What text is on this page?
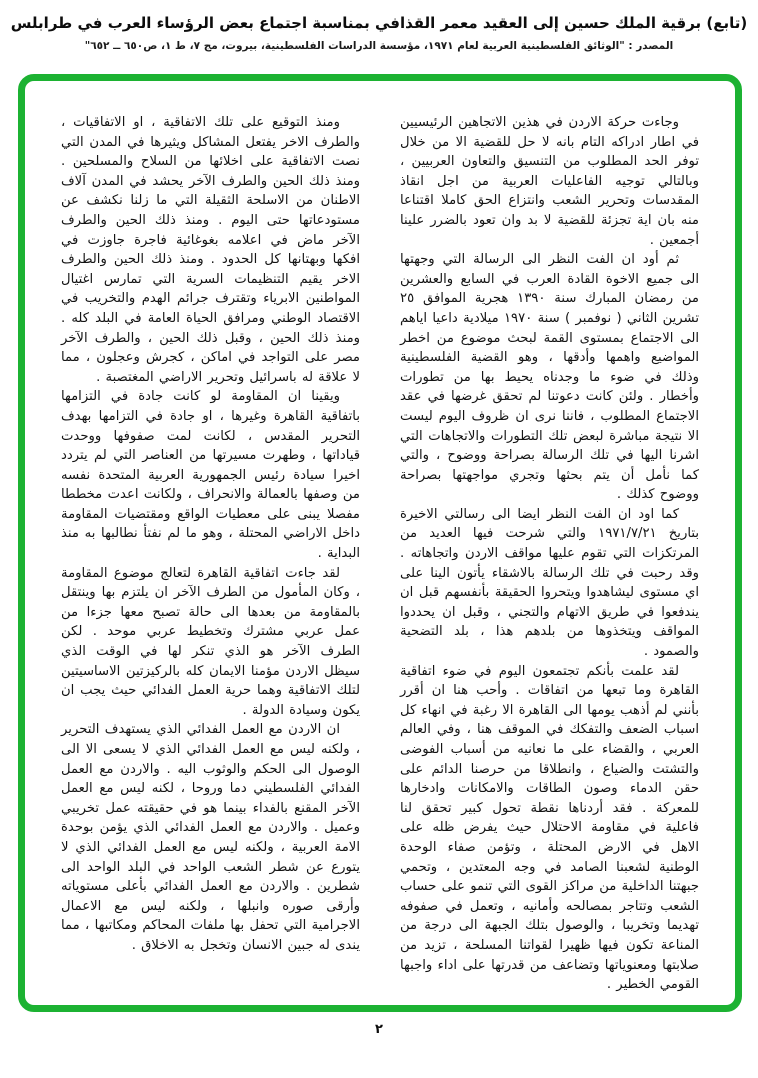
(تابع) برقية الملك حسين إلى العقيد معمر القذافي بمناسبة اجتماع بعض الرؤساء العرب في طرابلس
المصدر : "الوثائق الفلسطينية العربية لعام ١٩٧١، مؤسسة الدراسات الفلسطينية، بيروت، مج ٧، ط ١، ص٦٥٠ ــ ٦٥٢"

وجاءت حركة الاردن في هذين الاتجاهين الرئيسيين في اطار ادراكه التام بانه لا حل للقضية الا من خلال توفر الحد المطلوب من التنسيق والتعاون العربيين ، وبالتالي توجيه الفاعليات العربية من اجل انقاذ المقدسات وتحرير الشعب وانتزاع الحق كاملا اقتناعا منه بان اية تجزئة للقضية لا بد وان تعود بالضرر علينا أجمعين .

ثم أود ان الفت النظر الى الرسالة التي وجهتها الى جميع الاخوة القادة العرب في السابع والعشرين من رمضان المبارك سنة ١٣٩٠ هجرية الموافق ٢٥ تشرين الثاني ( نوفمبر ) سنة ١٩٧٠ ميلادية داعيا اياهم الى الاجتماع بمستوى القمة لبحث موضوع من اخطر المواضيع واهمها وأدقها ، وهو القضية الفلسطينية وذلك في ضوء ما وجدناه يحيط بها من تطورات وأخطار . ولئن كانت دعوتنا لم تحقق غرضها في عقد الاجتماع المطلوب ، فاننا نرى ان ظروف اليوم ليست الا نتيجة مباشرة لبعض تلك التطورات والاتجاهات التي اشرنا اليها في تلك الرسالة بصراحة ووضوح ، والتي كما نأمل أن يتم بحثها وتجري مواجهتها بصراحة ووضوح كذلك .

كما اود ان الفت النظر ايضا الى رسالتي الاخيرة بتاريخ ١٩٧١/٧/٢١ والتي شرحت فيها العديد من المرتكزات التي تقوم عليها مواقف الاردن واتجاهاته . وقد رحبت في تلك الرسالة بالاشقاء يأتون الينا على اي مستوى ليشاهدوا ويتحروا الحقيقة بأنفسهم قبل ان يندفعوا في طريق الاتهام والتجني ، وقبل ان يحددوا المواقف ويتخذوها من بلدهم هذا ، بلد التضحية والصمود .

لقد علمت بأنكم تجتمعون اليوم في ضوء اتفاقية القاهرة وما تبعها من اتفاقات . وأحب هنا ان أقرر بأنني لم أذهب يومها الى القاهرة الا رغبة في انهاء كل اسباب الضعف والتفكك في الموقف هنا ، وفي العالم العربي ، والقضاء على ما نعانيه من أسباب الفوضى والتشتت والضياع ، وانطلاقا من حرصنا الدائم على حقن الدماء وصون الطاقات والامكانات وادخارها للمعركة . فقد أردناها نقطة تحول كبير تحقق لنا فاعلية في مقاومة الاحتلال حيث يفرض ظله على الاهل في الارض المحتلة ، وتؤمن صفاء الوحدة الوطنية لشعبنا الصامد في وجه المعتدين ، وتحمي جبهتنا الداخلية من مراكز القوى التي تنمو على حساب الشعب وتتاجر بمصالحه وأمانيه ، وتعمل في صفوفه تهديما وتخريبا ، والوصول بتلك الجبهة الى درجة من المناعة تكون فيها ظهيرا لقواتنا المسلحة ، تزيد من صلابتها ومعنوياتها وتضاعف من قدرتها على اداء واجبها القومي الخطير .

ومنذ التوقيع على تلك الاتفاقية ، او الاتفاقيات ، والطرف الاخر يفتعل المشاكل ويثيرها في المدن التي نصت الاتفاقية على اخلائها من السلاح والمسلحين . ومنذ ذلك الحين والطرف الآخر يحشد في المدن آلاف الاطنان من الاسلحة الثقيلة التي ما زلنا نكشف عن مستودعاتها حتى اليوم . ومنذ ذلك الحين والطرف الآخر ماض في اعلامه بغوغائية فاجرة جاوزت في افكها وبهتانها كل الحدود . ومنذ ذلك الحين والطرف الاخر يقيم التنظيمات السرية التي تمارس اغتيال المواطنين الابرياء وتقترف جرائم الهدم والتخريب في الاقتصاد الوطني ومرافق الحياة العامة في البلد كله . ومنذ ذلك الحين ، وقبل ذلك الحين ، والطرف الآخر مصر على التواجد في اماكن ، كجرش وعجلون ، مما لا علاقة له باسرائيل وتحرير الاراضي المغتصبة .

ويقينا ان المقاومة لو كانت جادة في التزامها باتفاقية القاهرة وغيرها ، او جادة في التزامها بهدف التحرير المقدس ، لكانت لمت صفوفها ووحدت قياداتها ، وطهرت مسيرتها من العناصر التي لم يتردد اخيرا سيادة رئيس الجمهورية العربية المتحدة نفسه من وصفها بالعمالة والانحراف ، ولكانت اعدت مخططا مفصلا يبنى على معطيات الواقع ومقتضيات المقاومة داخل الاراضي المحتلة ، وهو ما لم نفتأ نطالبها به منذ البداية .

لقد جاءت اتفاقية القاهرة لتعالج موضوع المقاومة ، وكان المأمول من الطرف الآخر ان يلتزم بها وينتقل بالمقاومة من بعدها الى حالة تصبح معها جزءا من عمل عربي مشترك وتخطيط عربي موحد . لكن الطرف الآخر هو الذي تنكر لها في الوقت الذي سيظل الاردن مؤمنا الايمان كله بالركيزتين الاساسيتين لتلك الاتفاقية وهما حرية العمل الفدائي حيث يجب ان يكون وسيادة الدولة .

ان الاردن مع العمل الفدائي الذي يستهدف التحرير ، ولكنه ليس مع العمل الفدائي الذي لا يسعى الا الى الوصول الى الحكم والوثوب اليه . والاردن مع العمل الفدائي الفلسطيني دما وروحا ، لكنه ليس مع العمل الآخر المقنع بالفداء بينما هو في حقيقته عمل تخريبي وعميل . والاردن مع العمل الفدائي الذي يؤمن بوحدة الامة العربية ، ولكنه ليس مع العمل الفدائي الذي لا يتورع عن شطر الشعب الواحد في البلد الواحد الى شطرين . والاردن مع العمل الفدائي بأعلى مستوياته وأرقى صوره وانبلها ، ولكنه ليس مع الاعمال الاجرامية التي تحفل بها ملفات المحاكم ومكاتبها ، مما يندى له جبين الانسان وتخجل به الاخلاق .

٢
